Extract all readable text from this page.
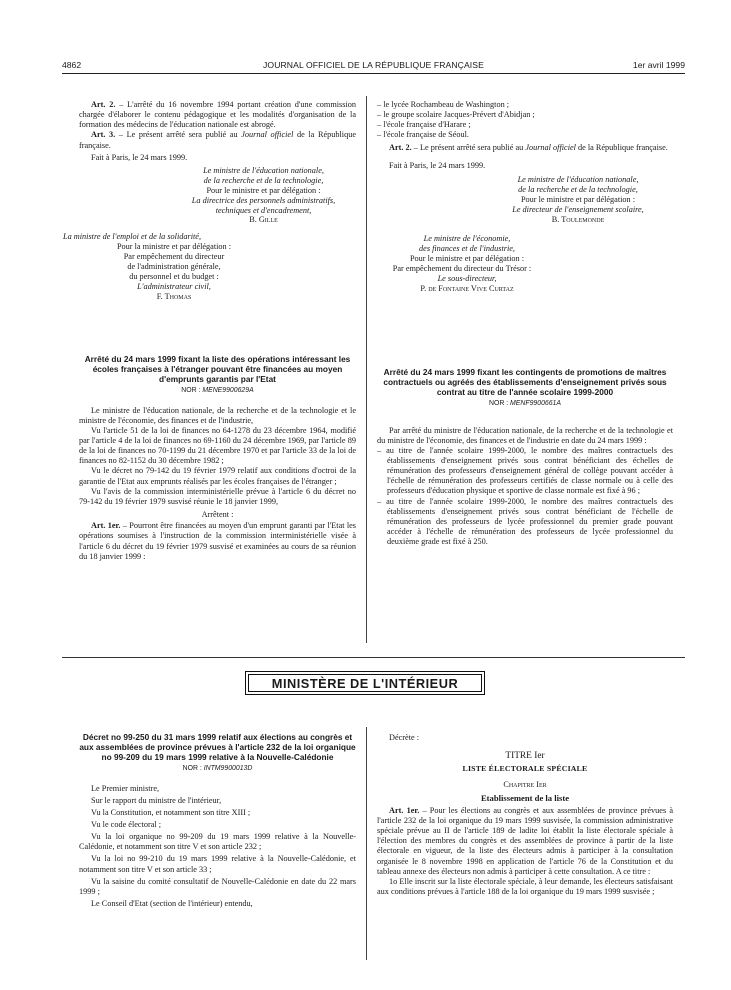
4862	JOURNAL OFFICIEL DE LA RÉPUBLIQUE FRANÇAISE	1er avril 1999

Art. 2. – L'arrêté du 16 novembre 1994 portant création d'une commission chargée d'élaborer le contenu pédagogique et les modalités d'organisation de la formation des médecins de l'éducation nationale est abrogé.

Art. 3. – Le présent arrêté sera publié au Journal officiel de la République française.

Fait à Paris, le 24 mars 1999.

Le ministre de l'éducation nationale,
de la recherche et de la technologie,
Pour le ministre et par délégation :
La directrice des personnels administratifs,
techniques et d'encadrement,
B. Gille
La ministre de l'emploi et de la solidarité,
Pour la ministre et par délégation :
Par empêchement du directeur
de l'administration générale,
du personnel et du budget :
L'administrateur civil,
F. Thomas

Arrêté du 24 mars 1999 fixant la liste des opérations intéressant les écoles françaises à l'étranger pouvant être financées au moyen d'emprunts garantis par l'Etat

NOR : MENE9900629A

Le ministre de l'éducation nationale, de la recherche et de la technologie et le ministre de l'économie, des finances et de l'industrie,

Vu l'article 51 de la loi de finances no 64-1278 du 23 décembre 1964, modifié par l'article 4 de la loi de finances no 69-1160 du 24 décembre 1969, par l'article 89 de la loi de finances no 70-1199 du 21 décembre 1970 et par l'article 33 de la loi de finances no 82-1152 du 30 décembre 1982 ;

Vu le décret no 79-142 du 19 février 1979 relatif aux conditions d'octroi de la garantie de l'Etat aux emprunts réalisés par les écoles françaises de l'étranger ;

Vu l'avis de la commission interministérielle prévue à l'article 6 du décret no 79-142 du 19 février 1979 susvisé réunie le 18 janvier 1999,

Arrêtent :

Art. 1er. – Pourront être financées au moyen d'un emprunt garanti par l'Etat les opérations soumises à l'instruction de la commission interministérielle visée à l'article 6 du décret du 19 février 1979 susvisé et examinées au cours de sa réunion du 18 janvier 1999 :

– le lycée Rochambeau de Washington ;

– le groupe scolaire Jacques-Prévert d'Abidjan ;

– l'école française d'Harare ;

– l'école française de Séoul.

Art. 2. – Le présent arrêté sera publié au Journal officiel de la République française.

Fait à Paris, le 24 mars 1999.

Le ministre de l'éducation nationale,
de la recherche et de la technologie,
Pour le ministre et par délégation :
Le directeur de l'enseignement scolaire,
B. Toulemonde
Le ministre de l'économie,
des finances et de l'industrie,
Pour le ministre et par délégation :
Par empêchement du directeur du Trésor :
Le sous-directeur,
P. de Fontaine Vive Curtaz

Arrêté du 24 mars 1999 fixant les contingents de promotions de maîtres contractuels ou agréés des établissements d'enseignement privés sous contrat au titre de l'année scolaire 1999-2000

NOR : MENF9900661A

Par arrêté du ministre de l'éducation nationale, de la recherche et de la technologie et du ministre de l'économie, des finances et de l'industrie en date du 24 mars 1999 :

– au titre de l'année scolaire 1999-2000, le nombre des maîtres contractuels des établissements d'enseignement privés sous contrat bénéficiant des échelles de rémunération des professeurs d'enseignement général de collège pouvant accéder à l'échelle de rémunération des professeurs certifiés de classe normale ou à celle des professeurs d'éducation physique et sportive de classe normale est fixé à 96 ;

– au titre de l'année scolaire 1999-2000, le nombre des maîtres contractuels des établissements d'enseignement privés sous contrat bénéficiant de l'échelle de rémunération des professeurs de lycée professionnel du premier grade pouvant accéder à l'échelle de rémunération des professeurs de lycée professionnel du deuxième grade est fixé à 250.

MINISTÈRE DE L'INTÉRIEUR

Décret no 99-250 du 31 mars 1999 relatif aux élections au congrès et aux assemblées de province prévues à l'article 232 de la loi organique no 99-209 du 19 mars 1999 relative à la Nouvelle-Calédonie

NOR : INTM9900013D

Le Premier ministre,

Sur le rapport du ministre de l'intérieur,

Vu la Constitution, et notamment son titre XIII ;

Vu le code électoral ;

Vu la loi organique no 99-209 du 19 mars 1999 relative à la Nouvelle-Calédonie, et notamment son titre V et son article 232 ;

Vu la loi no 99-210 du 19 mars 1999 relative à la Nouvelle-Calédonie, et notamment son titre V et son article 33 ;

Vu la saisine du comité consultatif de Nouvelle-Calédonie en date du 22 mars 1999 ;

Le Conseil d'Etat (section de l'intérieur) entendu,

Décrète :

TITRE Ier

LISTE ÉLECTORALE SPÉCIALE

Chapitre Ier

Etablissement de la liste

Art. 1er. – Pour les élections au congrès et aux assemblées de province prévues à l'article 232 de la loi organique du 19 mars 1999 susvisée, la commission administrative spéciale prévue au II de l'article 189 de ladite loi établit la liste électorale spéciale à l'élection des membres du congrès et des assemblées de province à partir de la liste électorale en vigueur, de la liste des électeurs admis à participer à la consultation organisée le 8 novembre 1998 en application de l'article 76 de la Constitution et du tableau annexe des électeurs non admis à participer à cette consultation. A ce titre :

1o Elle inscrit sur la liste électorale spéciale, à leur demande, les électeurs satisfaisant aux conditions prévues à l'article 188 de la loi organique du 19 mars 1999 susvisée ;
